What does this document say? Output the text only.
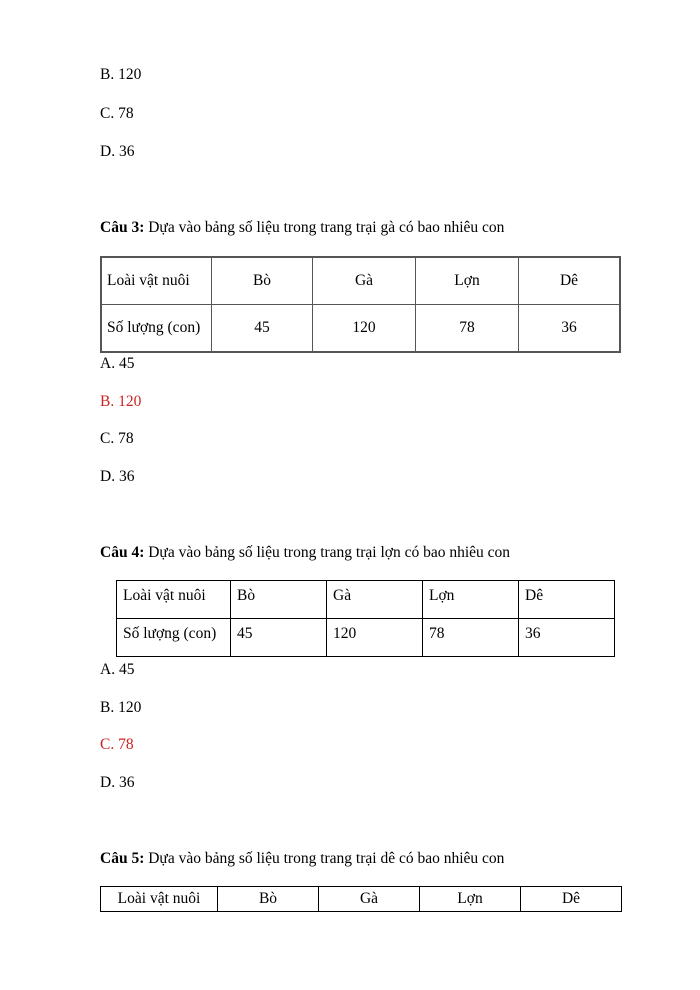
B. 120
C. 78
D. 36
Câu 3: Dựa vào bảng số liệu trong trang trại gà có bao nhiêu con
Loài vật nuôi	Bò	Gà	Lợn	Dê
Số lượng (con)	45	120	78	36
A. 45
B. 120
C. 78
D. 36
Câu 4: Dựa vào bảng số liệu trong trang trại lợn có bao nhiêu con
Loài vật nuôi	Bò	Gà	Lợn	Dê
Số lượng (con)	45	120	78	36
A. 45
B. 120
C. 78
D. 36
Câu 5: Dựa vào bảng số liệu trong trang trại dê có bao nhiêu con
Loài vật nuôi	Bò	Gà	Lợn	Dê
